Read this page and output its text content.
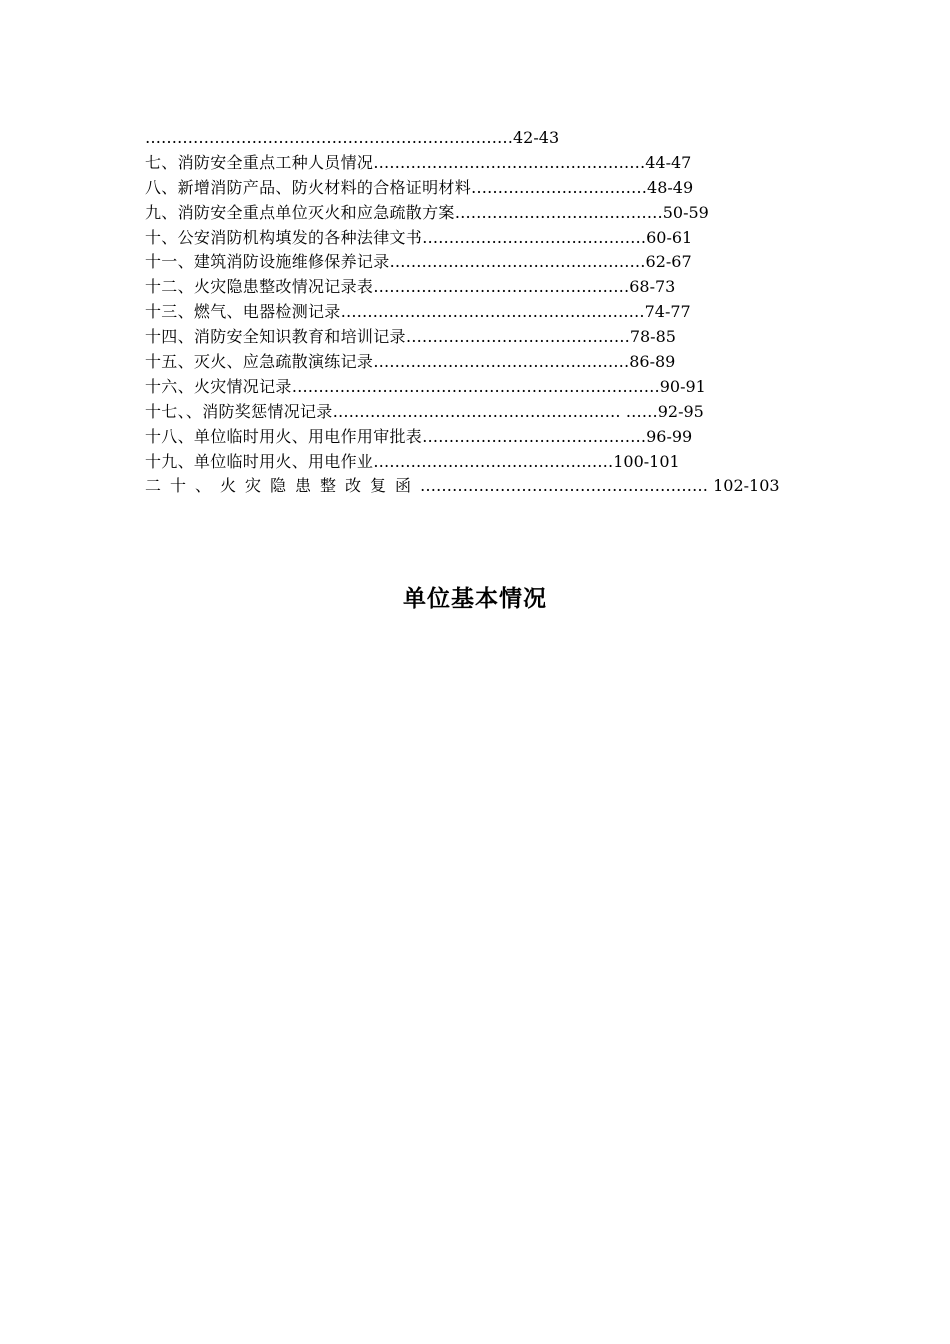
……………………………………………………………42-43
七、消防安全重点工种人员情况……………………………………………44-47
八、新增消防产品、防火材料的合格证明材料……………………………48-49
九、消防安全重点单位灭火和应急疏散方案…………………………………50-59
十、公安消防机构填发的各种法律文书……………………………………60-61
十一、建筑消防设施维修保养记录…………………………………………62-67
十二、火灾隐患整改情况记录表…………………………………………68-73
十三、燃气、电器检测记录…………………………………………………74-77
十四、消防安全知识教育和培训记录……………………………………78-85
十五、灭火、应急疏散演练记录…………………………………………86-89
十六、火灾情况记录……………………………………………………………90-91
十七、、消防奖惩情况记录……………………………………………… ……92-95
十八、单位临时用火、用电作用审批表……………………………………96-99
十九、单位临时用火、用电作业………………………………………100-101
二十、火灾隐患整改复函……………………………………………… 102-103
单位基本情况
